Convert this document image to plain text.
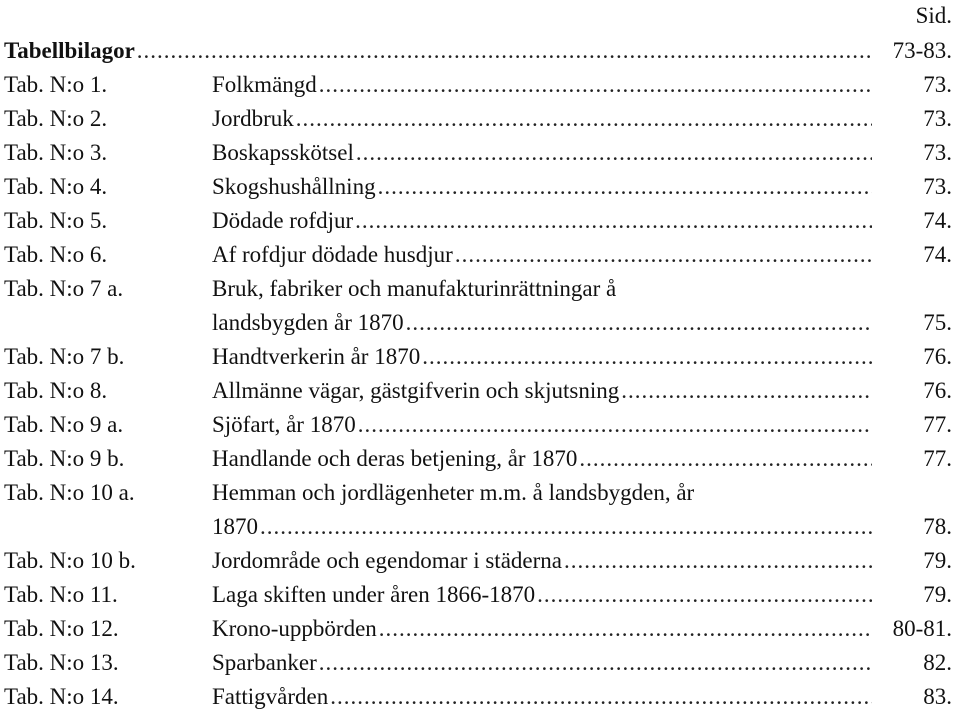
Sid.
Tabellbilagor .....	73-83.
Tab. N:o 1.	Folkmängd .....	73.
Tab. N:o 2.	Jordbruk .....	73.
Tab. N:o 3.	Boskapsskötsel .....	73.
Tab. N:o 4.	Skogshushållning .....	73.
Tab. N:o 5.	Dödade rofdjur .....	74.
Tab. N:o 6.	Af rofdjur dödade husdjur .....	74.
Tab. N:o 7 a.	Bruk, fabriker och manufakturinrättningar å
landsbygden år 1870 .....	75.
Tab. N:o 7 b.	Handtverkerin år 1870 .....	76.
Tab. N:o 8.	Allmänne vägar, gästgifverin och skjutsning .....	76.
Tab. N:o 9 a.	Sjöfart, år 1870 .....	77.
Tab. N:o 9 b.	Handlande och deras betjening, år 1870 .....	77.
Tab. N:o 10 a.	Hemman och jordlägenheter m.m. å landsbygden, år
1870 .....	78.
Tab. N:o 10 b.	Jordområde och egendomar i städerna .....	79.
Tab. N:o 11.	Laga skiften under åren 1866-1870 .....	79.
Tab. N:o 12.	Krono-uppbörden .....	80-81.
Tab. N:o 13.	Sparbanker .....	82.
Tab. N:o 14.	Fattigvården .....	83.
